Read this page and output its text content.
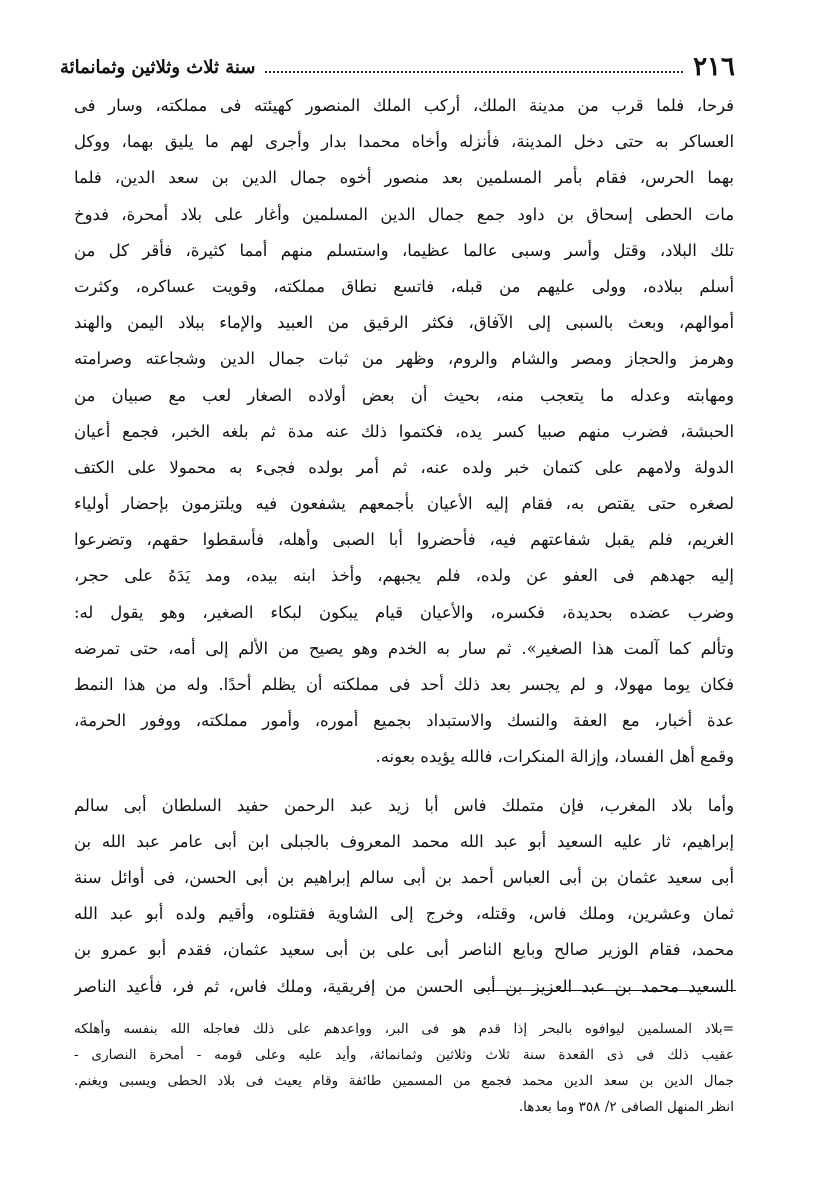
٢١٦
سنة ثلاث وثلاثين وثمانمائة
فرحا، فلما قرب من مدينة الملك، أركب الملك المنصور كهيئته فى مملكته، وسار فى
العساكر به حتى دخل المدينة، فأنزله وأخاه محمدا بدار وأجرى لهم ما يليق بهما، ووكل
بهما الحرس، فقام بأمر المسلمين بعد منصور أخوه جمال الدين بن سعد الدين، فلما
مات الحطى إسحاق بن داود جمع جمال الدين المسلمين وأغار على بلاد أمحرة، فدوخ
تلك البلاد، وقتل وأسر وسبى عالما عظيما، واستسلم منهم أمما كثيرة، فأقر كل من
أسلم ببلاده، وولى عليهم من قبله، فاتسع نطاق مملكته، وقويت عساكره، وكثرت
أموالهم، وبعث بالسبى إلى الآفاق، فكثر الرقيق من العبيد والإماء ببلاد اليمن والهند
وهرمز والحجاز ومصر والشام والروم، وظهر من ثبات جمال الدين وشجاعته وصرامته
ومهابته وعدله ما يتعجب منه، بحيث أن بعض أولاده الصغار لعب مع صبيان من
الحبشة، فضرب منهم صبيا كسر يده، فكتموا ذلك عنه مدة ثم بلغه الخبر، فجمع أعيان
الدولة ولامهم على كتمان خبر ولده عنه، ثم أمر بولده فجىء به محمولا على الكتف
لصغره حتى يقتص به، فقام إليه الأعيان بأجمعهم يشفعون فيه ويلتزمون بإحضار أولياء
الغريم، فلم يقبل شفاعتهم فيه، فأحضروا أبا الصبى وأهله، فأسقطوا حقهم، وتضرعوا
إليه جهدهم فى العفو عن ولده، فلم يجبهم، وأخذ ابنه بيده، ومد يَدَهُ على حجر،
وضرب عضده بحديدة، فكسره، والأعيان قيام يبكون لبكاء الصغير، وهو يقول له:
وتألم كما آلمت هذا الصغير». ثم سار به الخدم وهو يصيح من الألم إلى أمه، حتى تمرضه
فكان يوما مهولا، و لم يجسر بعد ذلك أحد فى مملكته أن يظلم أحدًا. وله من هذا النمط
عدة أخبار، مع العفة والنسك والاستبداد بجميع أموره، وأمور مملكته، ووفور الحرمة،
وقمع أهل الفساد، وإزالة المنكرات، فالله يؤيده بعونه.
وأما بلاد المغرب، فإن متملك فاس أبا زيد عبد الرحمن حفيد السلطان أبى سالم
إبراهيم، ثار عليه السعيد أبو عبد الله محمد المعروف بالجبلى ابن أبى عامر عبد الله بن
أبى سعيد عثمان بن أبى العباس أحمد بن أبى سالم إبراهيم بن أبى الحسن، فى أوائل سنة
ثمان وعشرين، وملك فاس، وقتله، وخرج إلى الشاوية فقتلوه، وأقيم ولده أبو عبد الله
محمد، فقام الوزير صالح وبايع الناصر أبى على بن أبى سعيد عثمان، فقدم أبو عمرو بن
السعيد محمد بن عبد العزيز بن أبى الحسن من إفريقية، وملك فاس، ثم فر، فأعيد الناصر
=بلاد المسلمين ليوافوه بالبحر إذا قدم هو فى البر، وواعدهم على ذلك فعاجله الله بنفسه وأهلكه
عقيب ذلك فى ذى القعدة سنة ثلاث وثلاثين وثمانمائة، وأيد عليه وعلى قومه - أمحرة النصارى -
جمال الدين بن سعد الدين محمد فجمع من المسمين طائفة وقام يعيث فى بلاد الحطى ويسبى ويغنم.
انظر المنهل الصافى ٢/ ٣٥٨ وما بعدها.
